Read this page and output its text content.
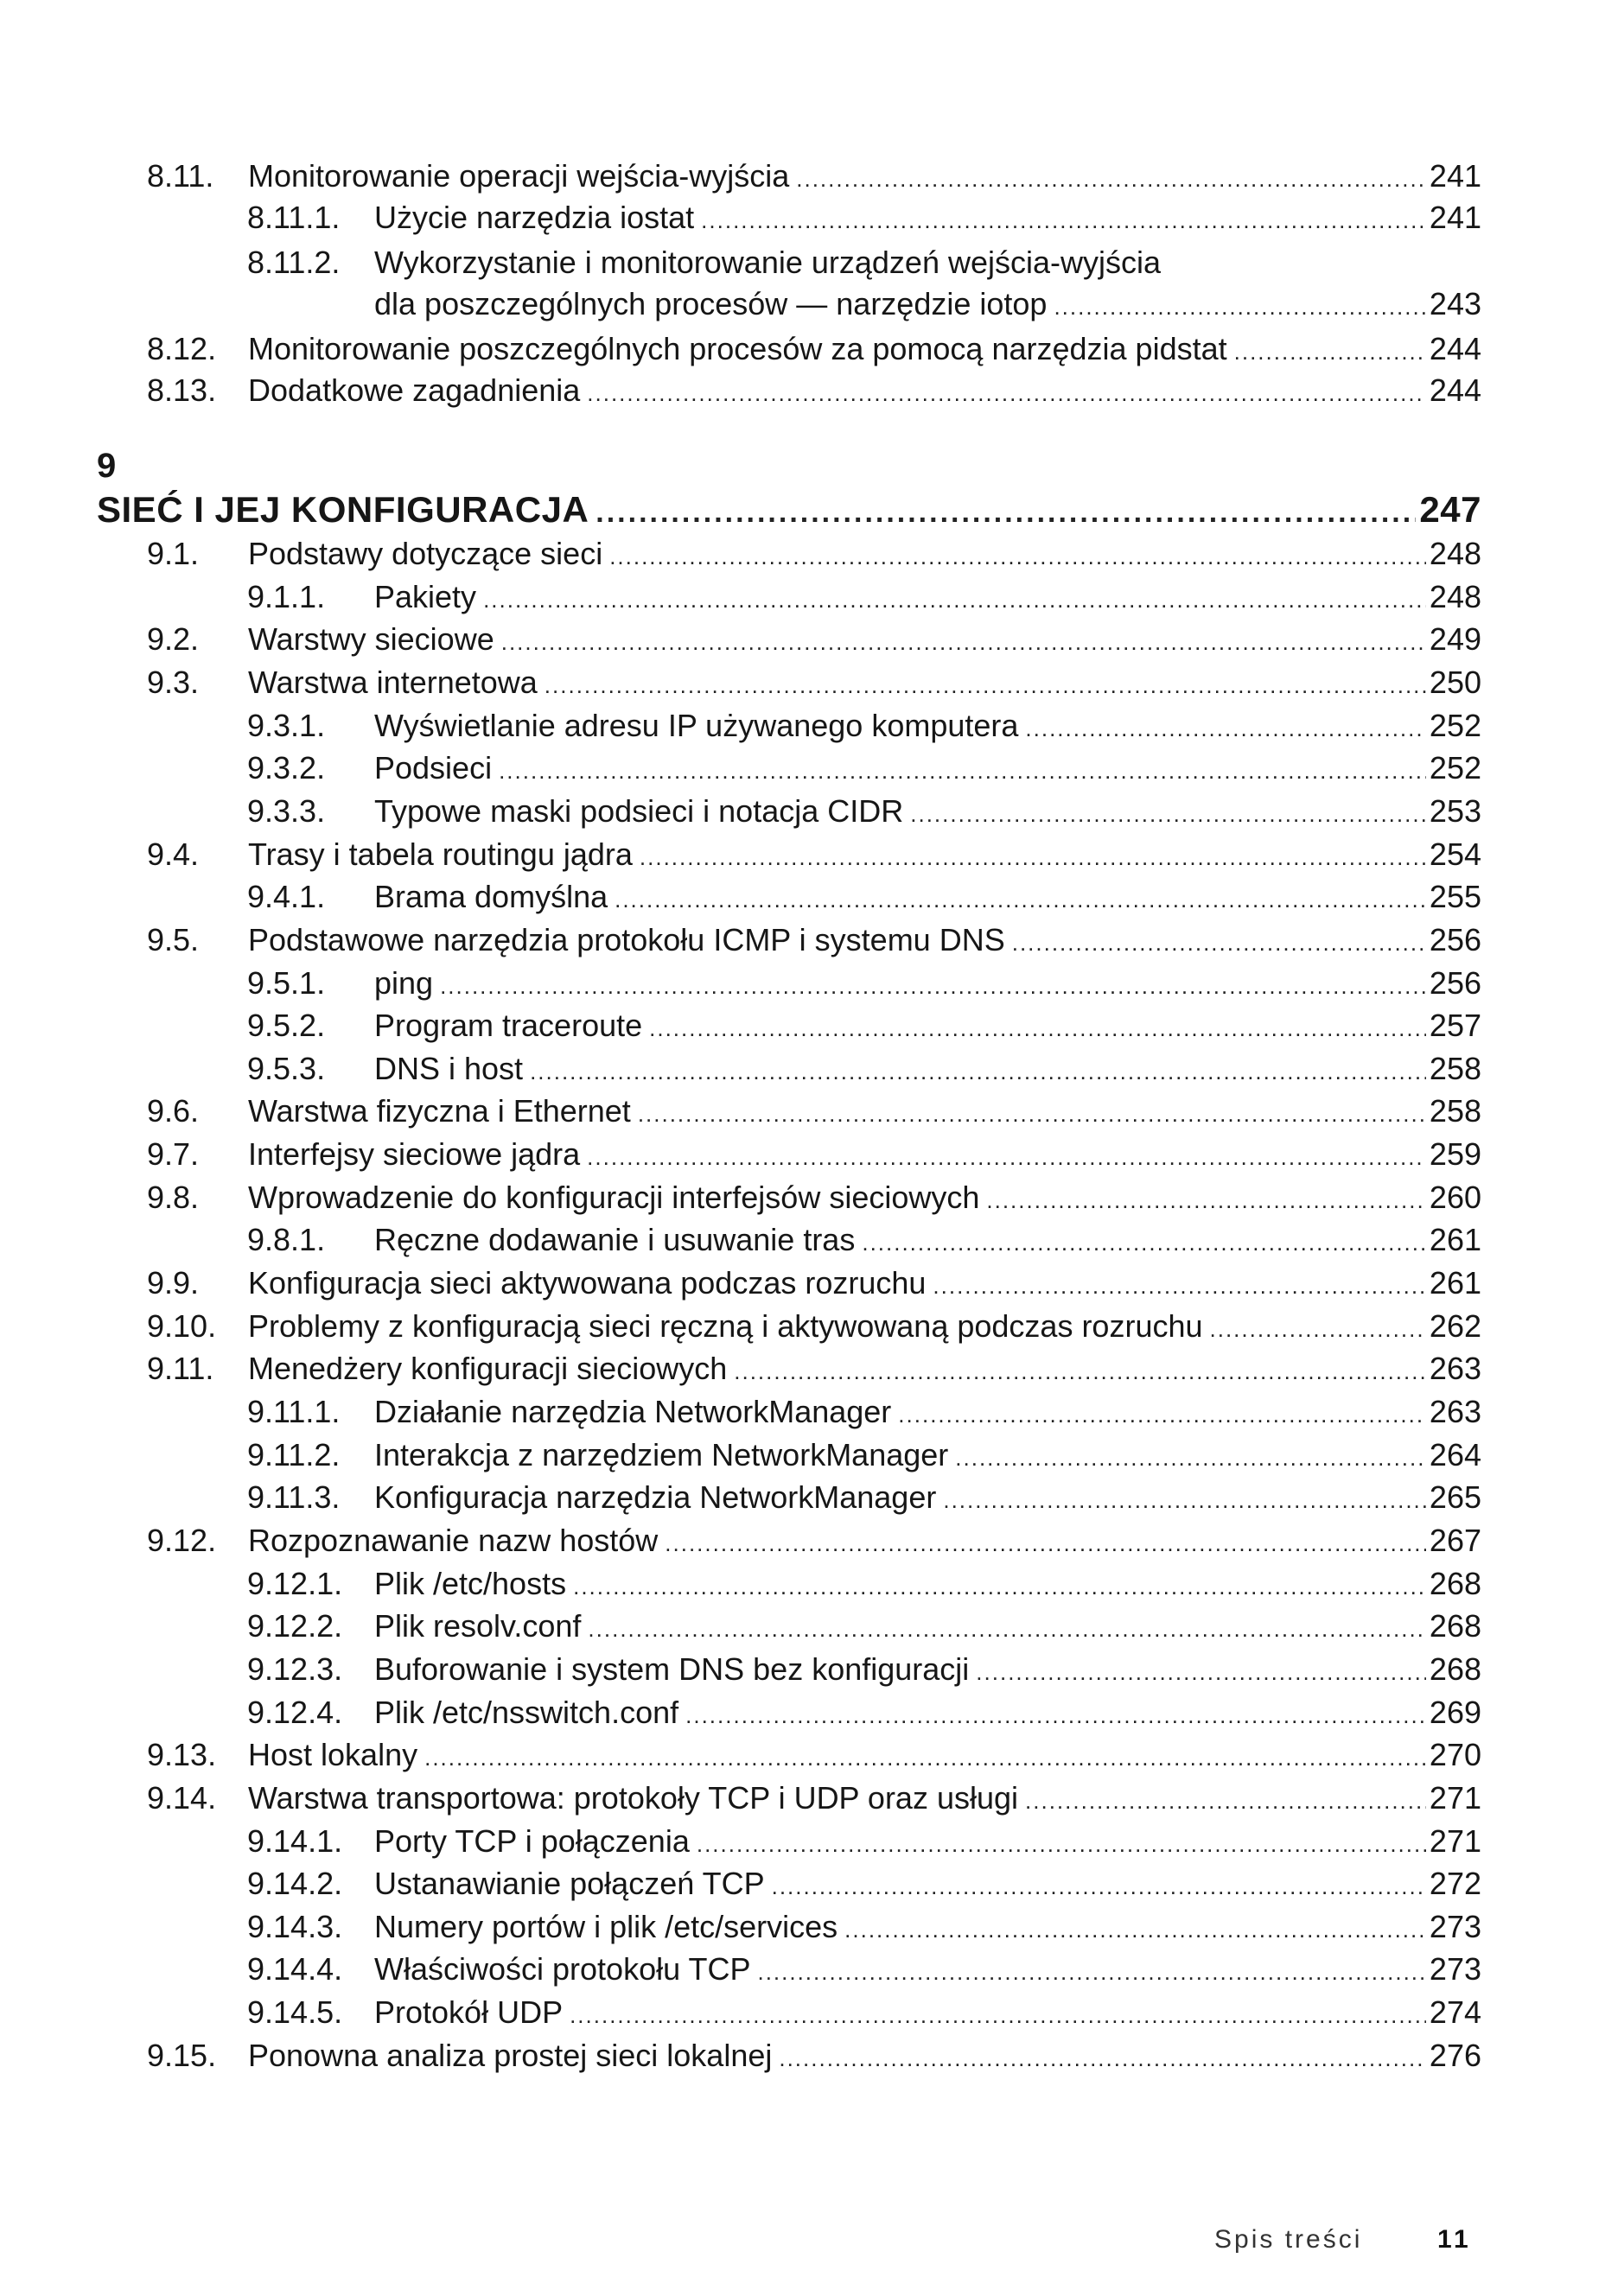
8.11. Monitorowanie operacji wejścia-wyjścia .....	241
8.11.1. Użycie narzędzia iostat .....	241
8.11.2. Wykorzystanie i monitorowanie urządzeń wejścia-wyjścia
dla poszczególnych procesów — narzędzie iotop .....	243
8.12. Monitorowanie poszczególnych procesów za pomocą narzędzia pidstat .....	244
8.13. Dodatkowe zagadnienia .....	244
9
SIEĆ I JEJ KONFIGURACJA .....	247
9.1. Podstawy dotyczące sieci .....	248
9.1.1. Pakiety .....	248
9.2. Warstwy sieciowe .....	249
9.3. Warstwa internetowa .....	250
9.3.1. Wyświetlanie adresu IP używanego komputera .....	252
9.3.2. Podsieci .....	252
9.3.3. Typowe maski podsieci i notacja CIDR .....	253
9.4. Trasy i tabela routingu jądra .....	254
9.4.1. Brama domyślna .....	255
9.5. Podstawowe narzędzia protokołu ICMP i systemu DNS .....	256
9.5.1. ping .....	256
9.5.2. Program traceroute .....	257
9.5.3. DNS i host .....	258
9.6. Warstwa fizyczna i Ethernet .....	258
9.7. Interfejsy sieciowe jądra .....	259
9.8. Wprowadzenie do konfiguracji interfejsów sieciowych .....	260
9.8.1. Ręczne dodawanie i usuwanie tras .....	261
9.9. Konfiguracja sieci aktywowana podczas rozruchu .....	261
9.10. Problemy z konfiguracją sieci ręczną i aktywowaną podczas rozruchu .....	262
9.11. Menedżery konfiguracji sieciowych .....	263
9.11.1. Działanie narzędzia NetworkManager .....	263
9.11.2. Interakcja z narzędziem NetworkManager .....	264
9.11.3. Konfiguracja narzędzia NetworkManager .....	265
9.12. Rozpoznawanie nazw hostów .....	267
9.12.1. Plik /etc/hosts .....	268
9.12.2. Plik resolv.conf .....	268
9.12.3. Buforowanie i system DNS bez konfiguracji .....	268
9.12.4. Plik /etc/nsswitch.conf .....	269
9.13. Host lokalny .....	270
9.14. Warstwa transportowa: protokoły TCP i UDP oraz usługi .....	271
9.14.1. Porty TCP i połączenia .....	271
9.14.2. Ustanawianie połączeń TCP .....	272
9.14.3. Numery portów i plik /etc/services .....	273
9.14.4. Właściwości protokołu TCP .....	273
9.14.5. Protokół UDP .....	274
9.15. Ponowna analiza prostej sieci lokalnej .....	276
Spis treści	11
